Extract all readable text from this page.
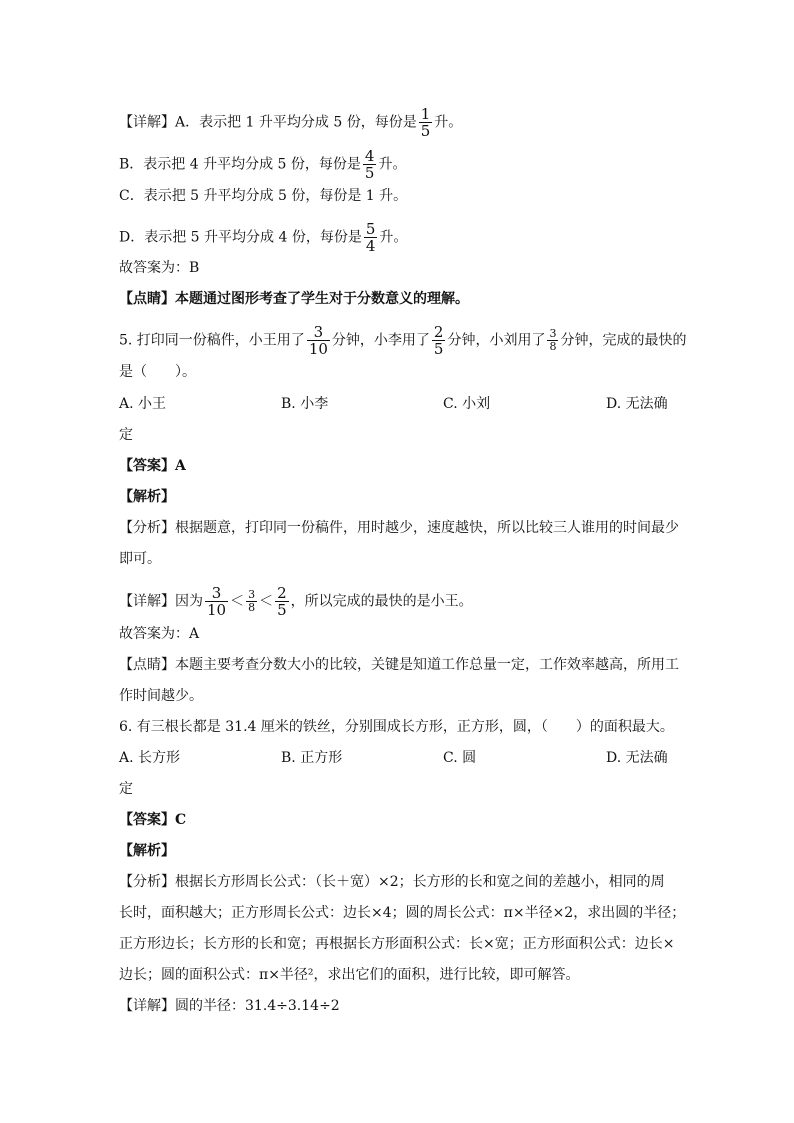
【详解】A．表示把 1 升平均分成 5 份，每份是 $\frac{1}{5}$ 升。
B．表示把 4 升平均分成 5 份，每份是 $\frac{4}{5}$ 升。
C．表示把 5 升平均分成 5 份，每份是 1 升。
D．表示把 5 升平均分成 4 份，每份是 $\frac{5}{4}$ 升。
故答案为：B
【点睛】本题通过图形考查了学生对于分数意义的理解。
5. 打印同一份稿件，小王用了 $\frac{3}{10}$ 分钟，小李用了 $\frac{2}{5}$ 分钟，小刘用了 $\frac{3}{8}$ 分钟，完成的最快的
是（　　）。
A. 小王	B. 小李	C. 小刘	D. 无法确
定
【答案】A
【解析】
【分析】根据题意，打印同一份稿件，用时越少，速度越快，所以比较三人谁用的时间最少
即可。
【详解】因为 $\frac{3}{10} < \frac{3}{8} < \frac{2}{5}$ ，所以完成的最快的是小王。
故答案为：A
【点睛】本题主要考查分数大小的比较，关键是知道工作总量一定，工作效率越高，所用工
作时间越少。
6. 有三根长都是 31.4 厘米的铁丝，分别围成长方形，正方形，圆，（　　）的面积最大。
A. 长方形	B. 正方形	C. 圆	D. 无法确
定
【答案】C
【解析】
【分析】根据长方形周长公式：（长＋宽）×2；长方形的长和宽之间的差越小，相同的周
长时，面积越大；正方形周长公式：边长×4；圆的周长公式：π×半径×2，求出圆的半径；
正方形边长；长方形的长和宽；再根据长方形面积公式：长×宽；正方形面积公式：边长×
边长；圆的面积公式：π×半径²，求出它们的面积，进行比较，即可解答。
【详解】圆的半径：31.4÷3.14÷2
